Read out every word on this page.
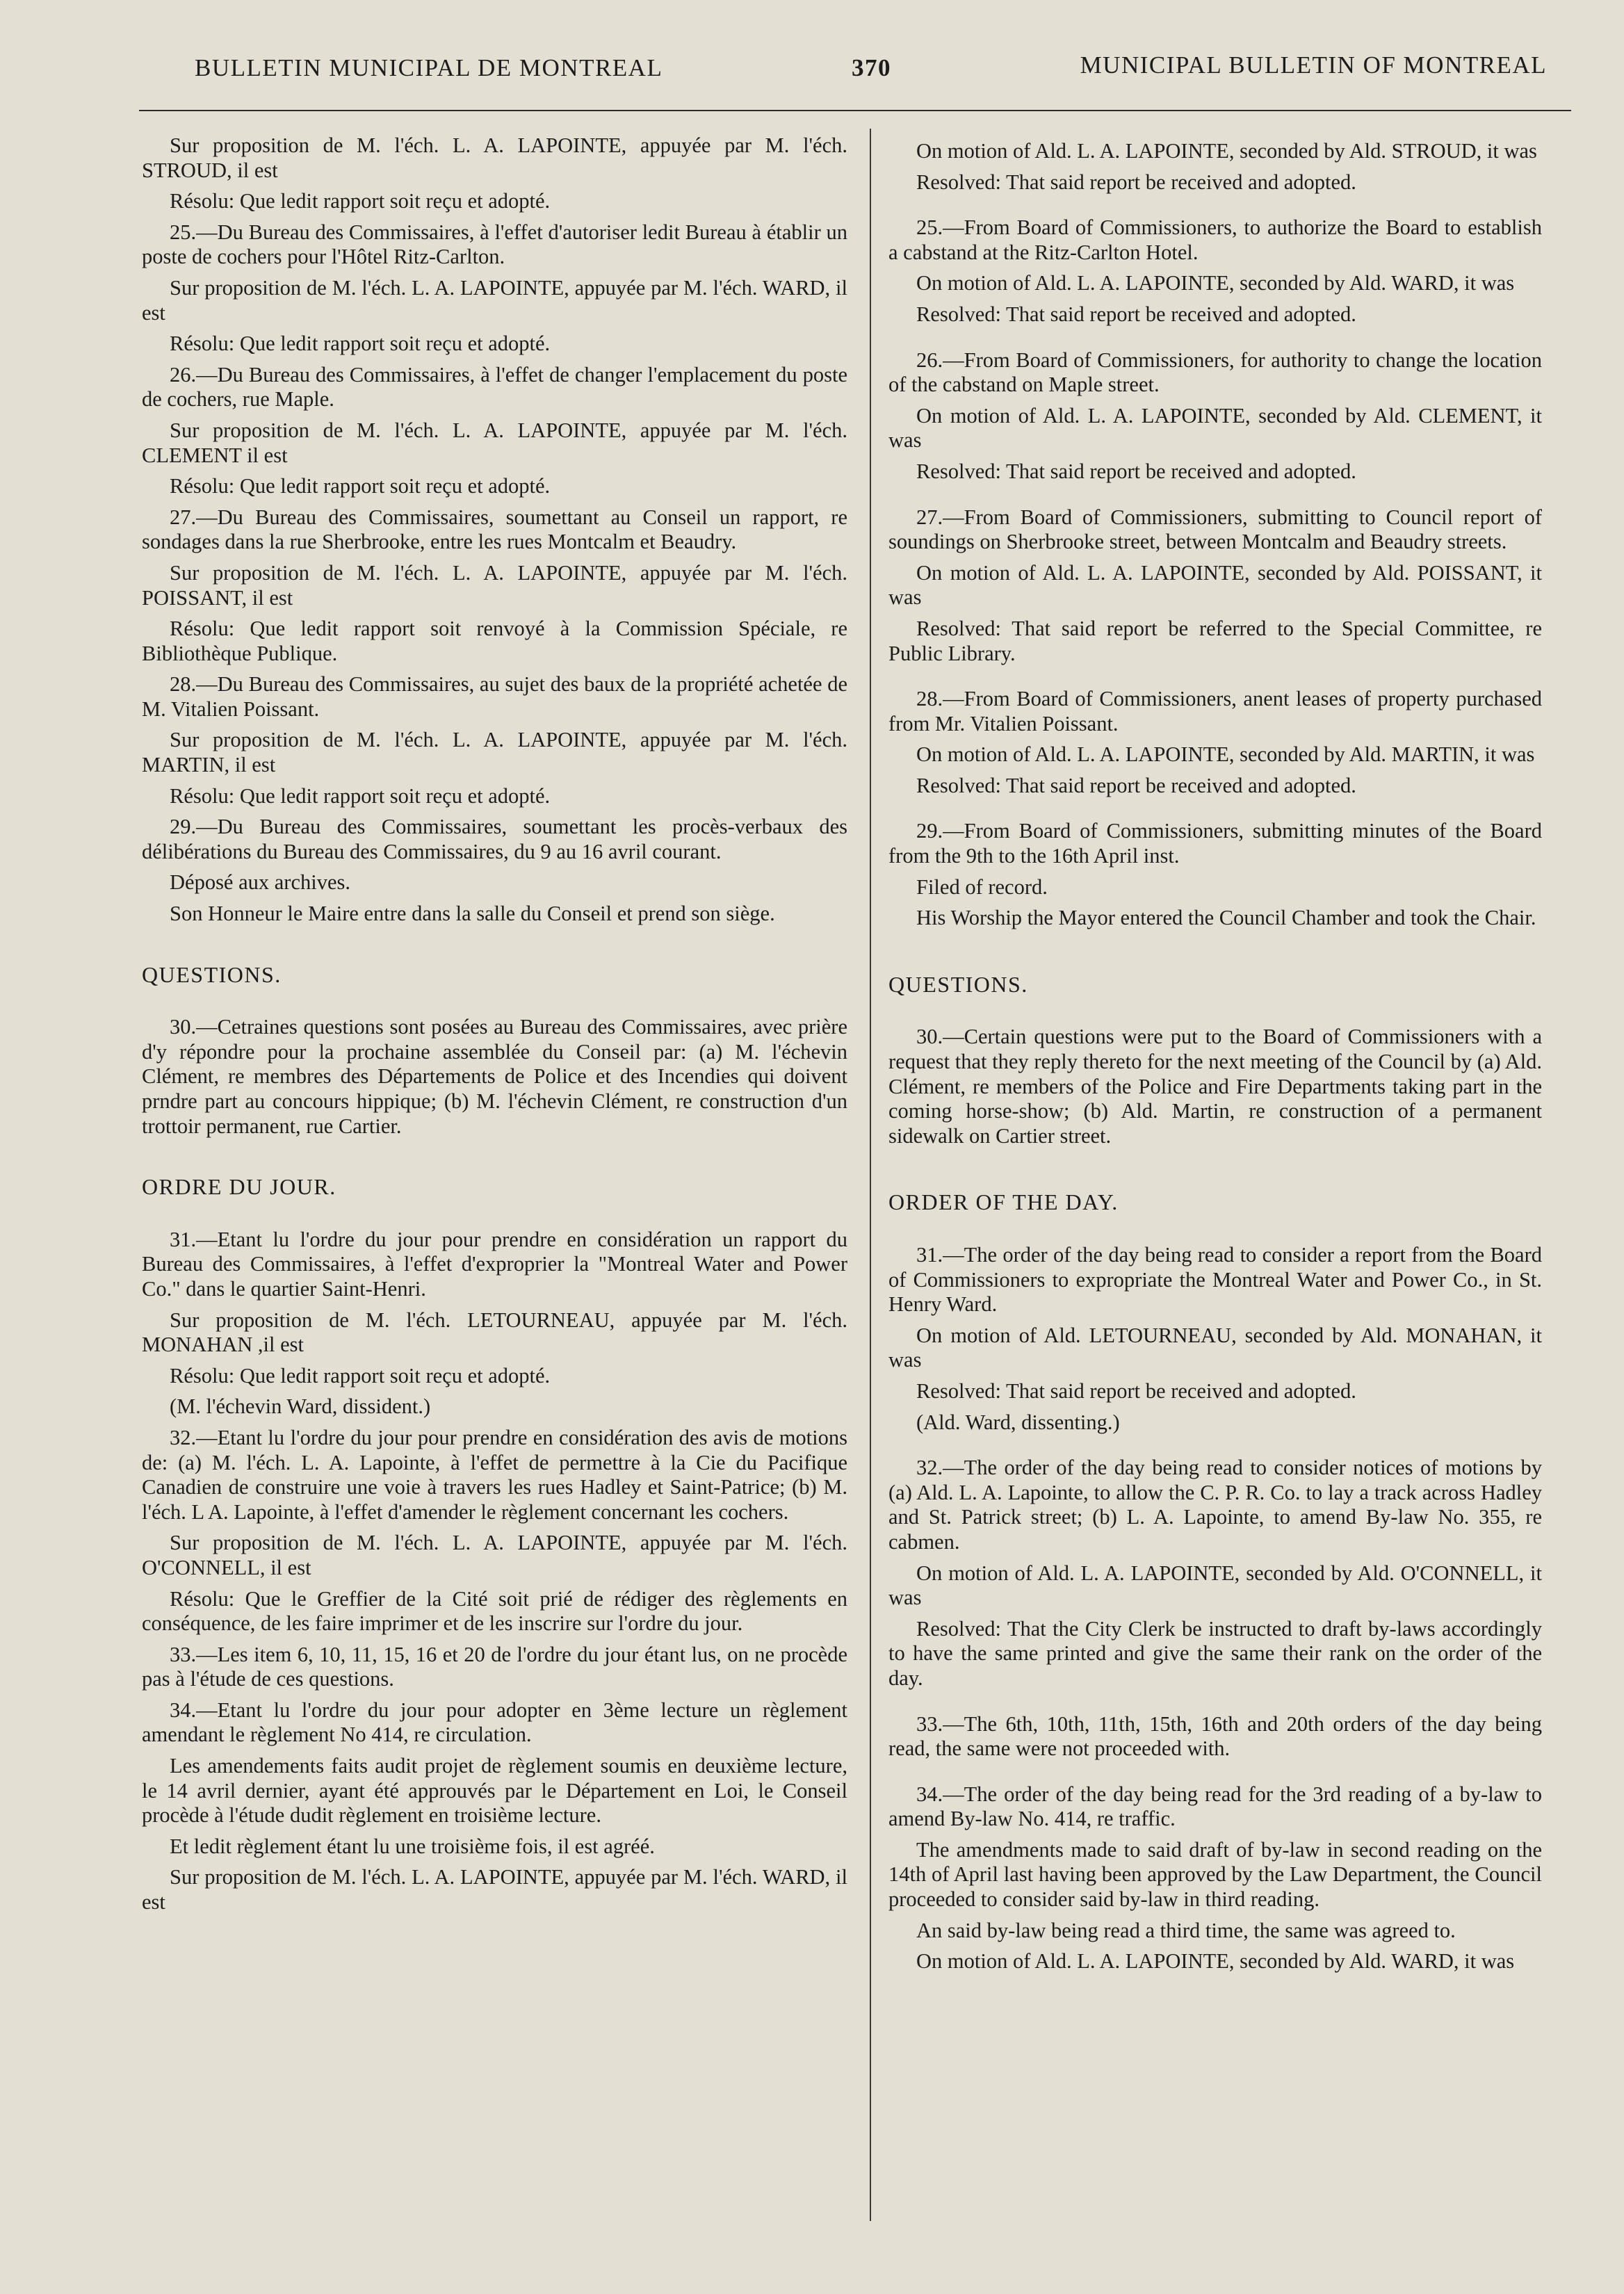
BULLETIN MUNICIPAL DE MONTREAL	370	MUNICIPAL BULLETIN OF MONTREAL

Sur proposition de M. l'éch. L. A. LAPOINTE, appuyée par M. l'éch. STROUD, il est

Résolu: Que ledit rapport soit reçu et adopté.

25.—Du Bureau des Commissaires, à l'effet d'autoriser ledit Bureau à établir un poste de cochers pour l'Hôtel Ritz-Carlton.

Sur proposition de M. l'éch. L. A. LAPOINTE, appuyée par M. l'éch. WARD, il est

Résolu: Que ledit rapport soit reçu et adopté.

26.—Du Bureau des Commissaires, à l'effet de changer l'emplacement du poste de cochers, rue Maple.

Sur proposition de M. l'éch. L. A. LAPOINTE, appuyée par M. l'éch. CLEMENT il est

Résolu: Que ledit rapport soit reçu et adopté.

27.—Du Bureau des Commissaires, soumettant au Conseil un rapport, re sondages dans la rue Sherbrooke, entre les rues Montcalm et Beaudry.

Sur proposition de M. l'éch. L. A. LAPOINTE, appuyée par M. l'éch. POISSANT, il est

Résolu: Que ledit rapport soit renvoyé à la Commission Spéciale, re Bibliothèque Publique.

28.—Du Bureau des Commissaires, au sujet des baux de la propriété achetée de M. Vitalien Poissant.

Sur proposition de M. l'éch. L. A. LAPOINTE, appuyée par M. l'éch. MARTIN, il est

Résolu: Que ledit rapport soit reçu et adopté.

29.—Du Bureau des Commissaires, soumettant les procès-verbaux des délibérations du Bureau des Commissaires, du 9 au 16 avril courant.

Déposé aux archives.

Son Honneur le Maire entre dans la salle du Conseil et prend son siège.

QUESTIONS.

30.—Cetraines questions sont posées au Bureau des Commissaires, avec prière d'y répondre pour la prochaine assemblée du Conseil par: (a) M. l'échevin Clément, re membres des Départements de Police et des Incendies qui doivent prndre part au concours hippique; (b) M. l'échevin Clément, re construction d'un trottoir permanent, rue Cartier.

ORDRE DU JOUR.

31.—Etant lu l'ordre du jour pour prendre en considération un rapport du Bureau des Commissaires, à l'effet d'exproprier la "Montreal Water and Power Co." dans le quartier Saint-Henri.

Sur proposition de M. l'éch. LETOURNEAU, appuyée par M. l'éch. MONAHAN ,il est

Résolu: Que ledit rapport soit reçu et adopté.

(M. l'échevin Ward, dissident.)

32.—Etant lu l'ordre du jour pour prendre en considération des avis de motions de: (a) M. l'éch. L. A. Lapointe, à l'effet de permettre à la Cie du Pacifique Canadien de construire une voie à travers les rues Hadley et Saint-Patrice; (b) M. l'éch. L A. Lapointe, à l'effet d'amender le règlement concernant les cochers.

Sur proposition de M. l'éch. L. A. LAPOINTE, appuyée par M. l'éch. O'CONNELL, il est

Résolu: Que le Greffier de la Cité soit prié de rédiger des règlements en conséquence, de les faire imprimer et de les inscrire sur l'ordre du jour.

33.—Les item 6, 10, 11, 15, 16 et 20 de l'ordre du jour étant lus, on ne procède pas à l'étude de ces questions.

34.—Etant lu l'ordre du jour pour adopter en 3ème lecture un règlement amendant le règlement No 414, re circulation.

Les amendements faits audit projet de règlement soumis en deuxième lecture, le 14 avril dernier, ayant été approuvés par le Département en Loi, le Conseil procède à l'étude dudit règlement en troisième lecture.

Et ledit règlement étant lu une troisième fois, il est agréé.

Sur proposition de M. l'éch. L. A. LAPOINTE, appuyée par M. l'éch. WARD, il est

On motion of Ald. L. A. LAPOINTE, seconded by Ald. STROUD, it was

Resolved: That said report be received and adopted.

25.—From Board of Commissioners, to authorize the Board to establish a cabstand at the Ritz-Carlton Hotel.

On motion of Ald. L. A. LAPOINTE, seconded by Ald. WARD, it was

Resolved: That said report be received and adopted.

26.—From Board of Commissioners, for authority to change the location of the cabstand on Maple street.

On motion of Ald. L. A. LAPOINTE, seconded by Ald. CLEMENT, it was

Resolved: That said report be received and adopted.

27.—From Board of Commissioners, submitting to Council report of soundings on Sherbrooke street, between Montcalm and Beaudry streets.

On motion of Ald. L. A. LAPOINTE, seconded by Ald. POISSANT, it was

Resolved: That said report be referred to the Special Committee, re Public Library.

28.—From Board of Commissioners, anent leases of property purchased from Mr. Vitalien Poissant.

On motion of Ald. L. A. LAPOINTE, seconded by Ald. MARTIN, it was

Resolved: That said report be received and adopted.

29.—From Board of Commissioners, submitting minutes of the Board from the 9th to the 16th April inst.

Filed of record.

His Worship the Mayor entered the Council Chamber and took the Chair.

QUESTIONS.

30.—Certain questions were put to the Board of Commissioners with a request that they reply thereto for the next meeting of the Council by (a) Ald. Clément, re members of the Police and Fire Departments taking part in the coming horse-show; (b) Ald. Martin, re construction of a permanent sidewalk on Cartier street.

ORDER OF THE DAY.

31.—The order of the day being read to consider a report from the Board of Commissioners to expropriate the Montreal Water and Power Co., in St. Henry Ward.

On motion of Ald. LETOURNEAU, seconded by Ald. MONAHAN, it was

Resolved: That said report be received and adopted.

(Ald. Ward, dissenting.)

32.—The order of the day being read to consider notices of motions by (a) Ald. L. A. Lapointe, to allow the C. P. R. Co. to lay a track across Hadley and St. Patrick street; (b) L. A. Lapointe, to amend By-law No. 355, re cabmen.

On motion of Ald. L. A. LAPOINTE, seconded by Ald. O'CONNELL, it was

Resolved: That the City Clerk be instructed to draft by-laws accordingly to have the same printed and give the same their rank on the order of the day.

33.—The 6th, 10th, 11th, 15th, 16th and 20th orders of the day being read, the same were not proceeded with.

34.—The order of the day being read for the 3rd reading of a by-law to amend By-law No. 414, re traffic.

The amendments made to said draft of by-law in second reading on the 14th of April last having been approved by the Law Department, the Council proceeded to consider said by-law in third reading.

An said by-law being read a third time, the same was agreed to.

On motion of Ald. L. A. LAPOINTE, seconded by Ald. WARD, it was
